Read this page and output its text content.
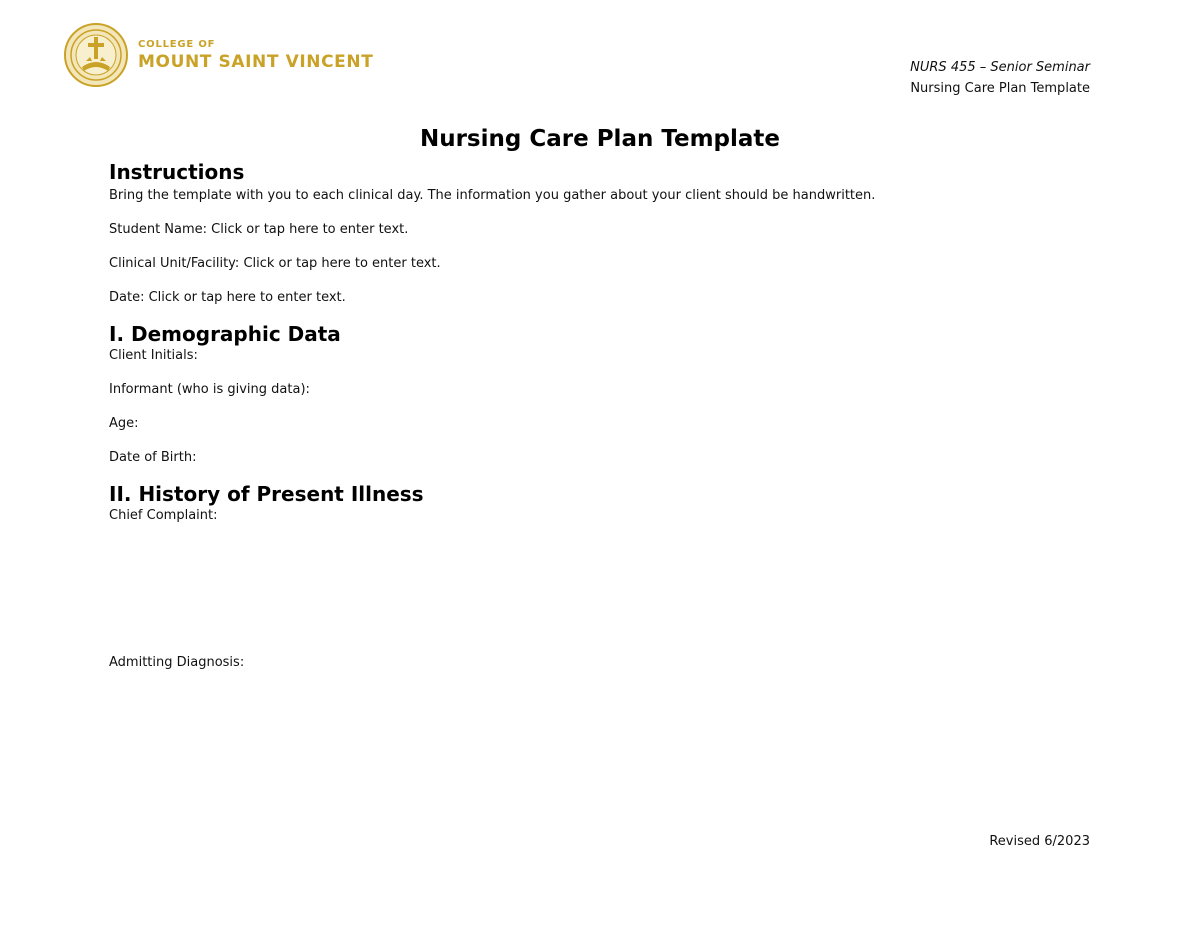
COLLEGE OF
MOUNT SAINT VINCENT	NURS 455 – Senior Seminar
Nursing Care Plan Template
Nursing Care Plan Template
Instructions

Bring the template with you to each clinical day. The information you gather about your client should be handwritten.

Student Name: Click or tap here to enter text.

Clinical Unit/Facility: Click or tap here to enter text.

Date: Click or tap here to enter text.

I. Demographic Data

Client Initials:

Informant (who is giving data):

Age:

Date of Birth:

II. History of Present Illness

Chief Complaint:

Admitting Diagnosis:

Revised 6/2023
